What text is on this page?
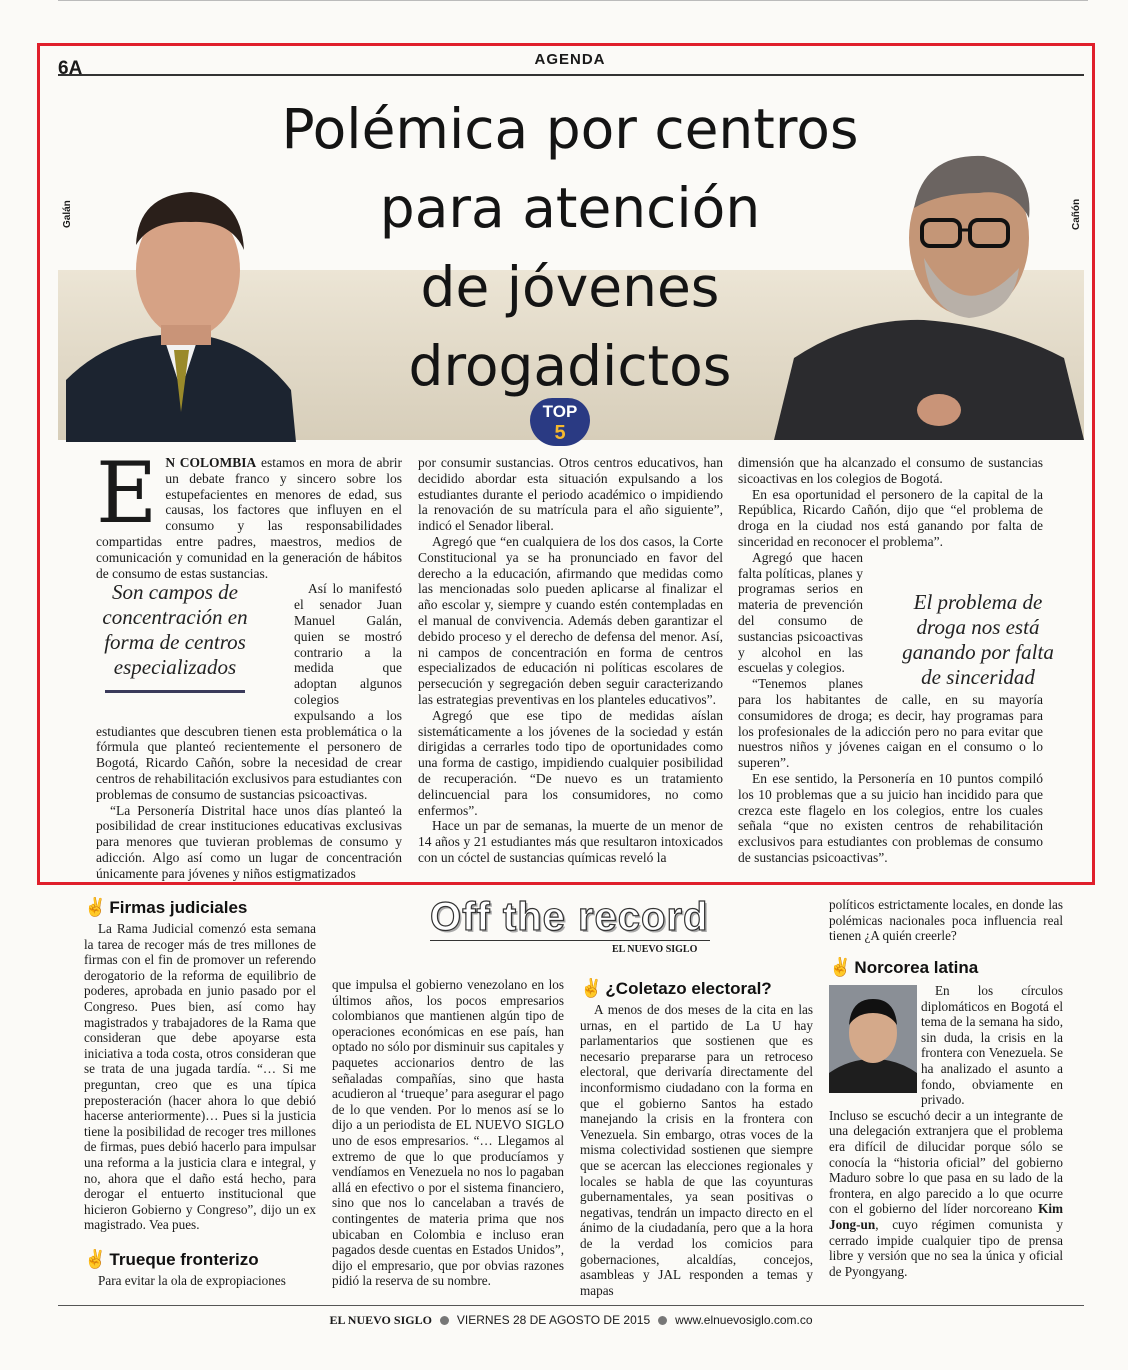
6A	AGENDA
Galán	Cañón
Polémica por centros
para atención
de jóvenes
drogadictos
TOP
5

E N COLOMBIA estamos en mora de abrir un debate franco y sincero sobre los estupefacientes en menores de edad, sus causas, los factores que influyen en el consumo y las responsabilidades compartidas entre padres, maestros, medios de comunicación y comunidad en la generación de hábitos de consumo de estas sustancias.

Así lo manifestó el senador Juan Manuel Galán, quien se mostró contrario a la medida que adoptan algunos colegios expulsando a los estudiantes que descubren tienen esta problemática o la fórmula que planteó recientemente el personero de Bogotá, Ricardo Cañón, sobre la necesidad de crear centros de rehabilitación exclusivos para estudiantes con problemas de consumo de sustancias psicoactivas.

“La Personería Distrital hace unos días planteó la posibilidad de crear instituciones educativas exclusivas para menores que tuvieran problemas de consumo y adicción. Algo así como un lugar de concentración únicamente para jóvenes y niños estigmatizados

Son campos de concentración en forma de centros especializados

por consumir sustancias. Otros centros educativos, han decidido abordar esta situación expulsando a los estudiantes durante el periodo académico o impidiendo la renovación de su matrícula para el año siguiente”, indicó el Senador liberal.

Agregó que “en cualquiera de los dos casos, la Corte Constitucional ya se ha pronunciado en favor del derecho a la educación, afirmando que medidas como las mencionadas solo pueden aplicarse al finalizar el año escolar y, siempre y cuando estén contempladas en el manual de convivencia. Además deben garantizar el debido proceso y el derecho de defensa del menor. Así, ni campos de concentración en forma de centros especializados de educación ni políticas escolares de persecución y segregación deben seguir caracterizando las estrategias preventivas en los planteles educativos”.

Agregó que ese tipo de medidas aíslan sistemáticamente a los jóvenes de la sociedad y están dirigidas a cerrarles todo tipo de oportunidades como una forma de castigo, impidiendo cualquier posibilidad de recuperación. “De nuevo es un tratamiento delincuencial para los consumidores, no como enfermos”.

Hace un par de semanas, la muerte de un menor de 14 años y 21 estudiantes más que resultaron intoxicados con un cóctel de sustancias químicas reveló la

dimensión que ha alcanzado el consumo de sustancias sicoactivas en los colegios de Bogotá.

En esa oportunidad el personero de la capital de la República, Ricardo Cañón, dijo que “el problema de droga en la ciudad nos está ganando por falta de sinceridad en reconocer el problema”.

Agregó que hacen falta políticas, planes y programas serios en materia de prevención del consumo de sustancias psicoactivas y alcohol en las escuelas y colegios.

“Tenemos planes para los habitantes de calle, en su mayoría consumidores de droga; es decir, hay programas para los profesionales de la adicción pero no para evitar que nuestros niños y jóvenes caigan en el consumo o lo superen”.

En ese sentido, la Personería en 10 puntos compiló los 10 problemas que a su juicio han incidido para que crezca este flagelo en los colegios, entre los cuales señala “que no existen centros de rehabilitación exclusivos para estudiantes con problemas de consumo de sustancias psicoactivas”.

El problema de droga nos está ganando por falta de sinceridad
Off the record
EL NUEVO SIGLO
✌ Firmas judiciales

La Rama Judicial comenzó esta semana la tarea de recoger más de tres millones de firmas con el fin de promover un referendo derogatorio de la reforma de equilibrio de poderes, aprobada en junio pasado por el Congreso. Pues bien, así como hay magistrados y trabajadores de la Rama que consideran que debe apoyarse esta iniciativa a toda costa, otros consideran que se trata de una jugada tardía. “… Si me preguntan, creo que es una típica preposteración (hacer ahora lo que debió hacerse anteriormente)… Pues si la justicia tiene la posibilidad de recoger tres millones de firmas, pues debió hacerlo para impulsar una reforma a la justicia clara e integral, y no, ahora que el daño está hecho, para derogar el entuerto institucional que hicieron Gobierno y Congreso”, dijo un ex magistrado. Vea pues.

✌ Trueque fronterizo

Para evitar la ola de expropiaciones

que impulsa el gobierno venezolano en los últimos años, los pocos empresarios colombianos que mantienen algún tipo de operaciones económicas en ese país, han optado no sólo por disminuir sus capitales y paquetes accionarios dentro de las señaladas compañías, sino que hasta acudieron al ‘trueque’ para asegurar el pago de lo que venden. Por lo menos así se lo dijo a un periodista de EL NUEVO SIGLO uno de esos empresarios. “… Llegamos al extremo de que lo que producíamos y vendíamos en Venezuela no nos lo pagaban allá en efectivo o por el sistema financiero, sino que nos lo cancelaban a través de contingentes de materia prima que nos ubicaban en Colombia e incluso eran pagados desde cuentas en Estados Unidos”, dijo el empresario, que por obvias razones pidió la reserva de su nombre.

✌ ¿Coletazo electoral?

A menos de dos meses de la cita en las urnas, en el partido de La U hay parlamentarios que sostienen que es necesario prepararse para un retroceso electoral, que derivaría directamente del inconformismo ciudadano con la forma en que el gobierno Santos ha estado manejando la crisis en la frontera con Venezuela. Sin embargo, otras voces de la misma colectividad sostienen que siempre que se acercan las elecciones regionales y locales se habla de que las coyunturas gubernamentales, ya sean positivas o negativas, tendrán un impacto directo en el ánimo de la ciudadanía, pero que a la hora de la verdad los comicios para gobernaciones, alcaldías, concejos, asambleas y JAL responden a temas y mapas

políticos estrictamente locales, en donde las polémicas nacionales poca influencia real tienen ¿A quién creerle?

✌ Norcorea latina

En los círculos diplomáticos en Bogotá el tema de la semana ha sido, sin duda, la crisis en la frontera con Venezuela. Se ha analizado el asunto a fondo, obviamente en privado.

Incluso se escuchó decir a un integrante de una delegación extranjera que el problema era difícil de dilucidar porque sólo se conocía la “historia oficial” del gobierno Maduro sobre lo que pasa en su lado de la frontera, en algo parecido a lo que ocurre con el gobierno del líder norcoreano Kim Jong-un, cuyo régimen comunista y cerrado impide cualquier tipo de prensa libre y versión que no sea la única y oficial de Pyongyang.

EL NUEVO SIGLO VIERNES 28 DE AGOSTO DE 2015 www.elnuevosiglo.com.co
